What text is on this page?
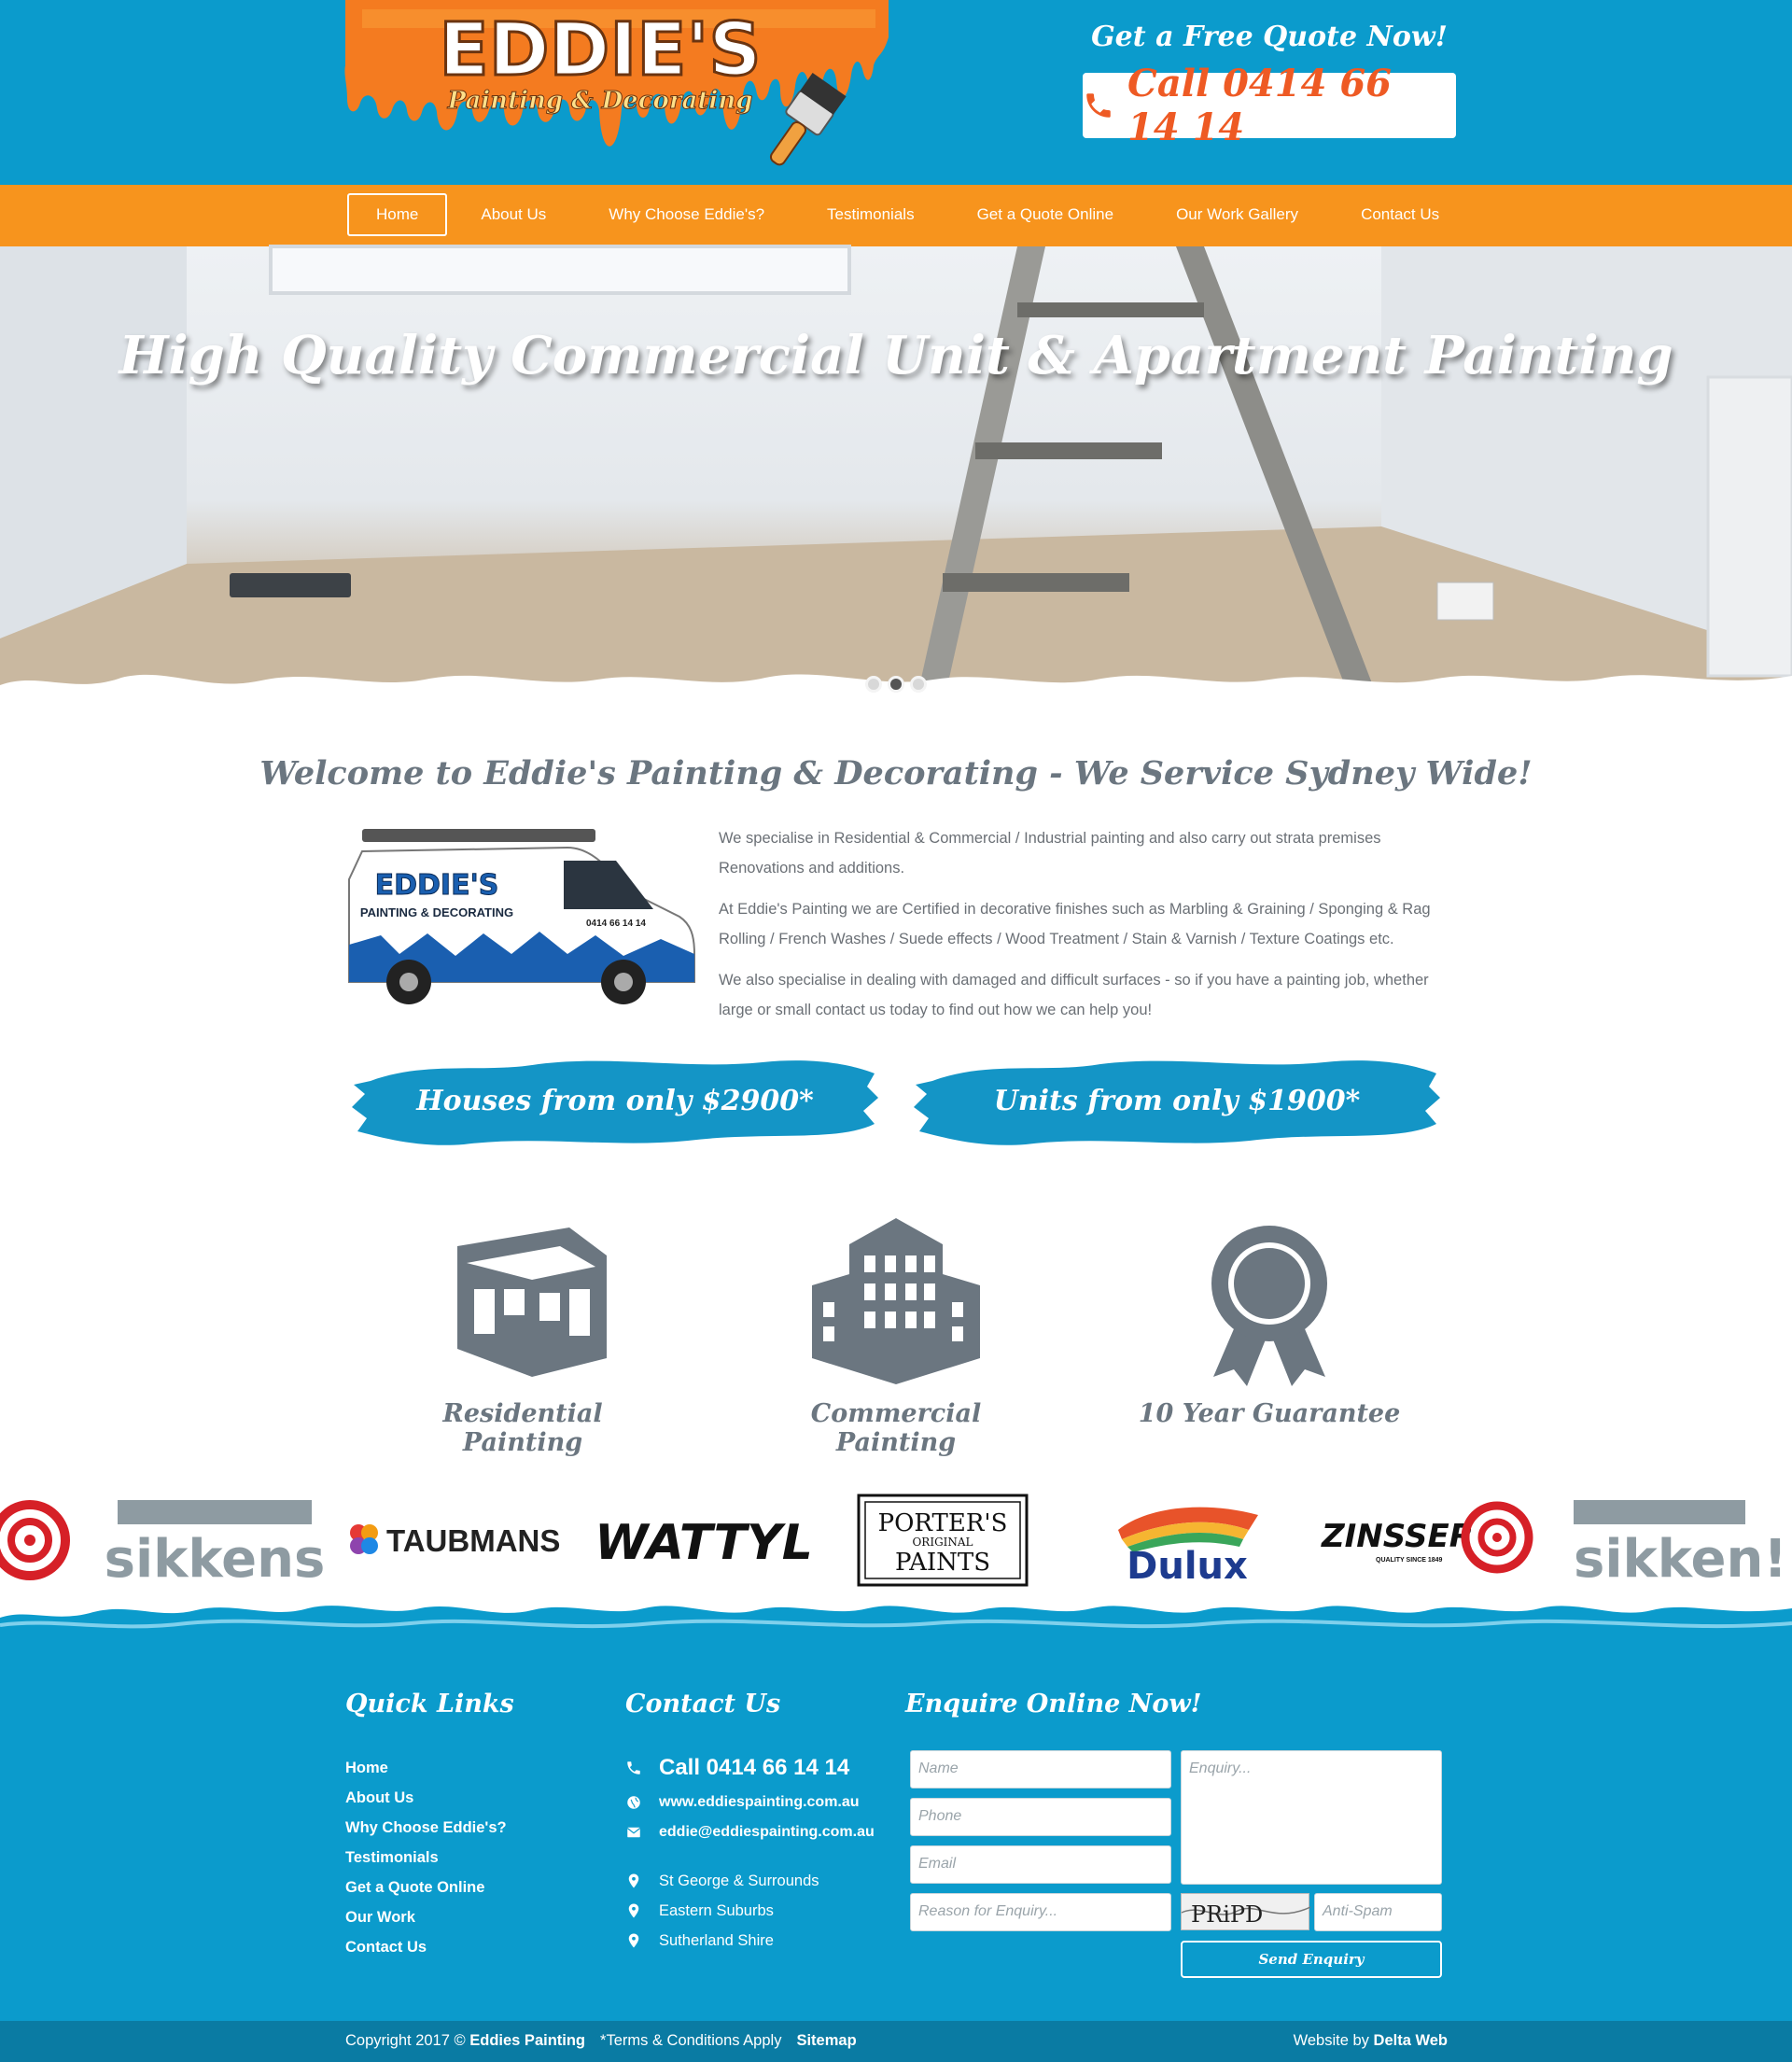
EDDIE'S
Painting & Decorating
Get a Free Quote Now!
Call 0414 66 14 14
Home	About Us	Why Choose Eddie's?	Testimonials	Get a Quote Online	Our Work Gallery	Contact Us
High Quality Commercial Unit & Apartment Painting
Welcome to Eddie's Painting & Decorating - We Service Sydney Wide!
EDDIE'S
PAINTING & DECORATING
0414 66 14 14

We specialise in Residential & Commercial / Industrial painting and also carry out strata premises Renovations and additions.

At Eddie's Painting we are Certified in decorative finishes such as Marbling & Graining / Sponging & Rag Rolling / French Washes / Suede effects / Wood Treatment / Stain & Varnish / Texture Coatings etc.

We also specialise in dealing with damaged and difficult surfaces - so if you have a painting job, whether large or small contact us today to find out how we can help you!

Houses from only $2900*	Units from only $1900*
Residential Painting
Commercial Painting
10 Year Guarantee
sikkens TAUBMANS WATTYL	PORTER'S
ORIGINAL
PAINTS	Dulux
ZINSSER
QUALITY SINCE 1849	sikken!
Quick Links
Home
About Us
Why Choose Eddie's?
Testimonials
Get a Quote Online
Our Work
Contact Us
Contact Us
Call 0414 66 14 14
www.eddiespainting.com.au
eddie@eddiespainting.com.au
St George & Surrounds
Eastern Suburbs
Sutherland Shire
Enquire Online Now!
Name
Phone
Email
Reason for Enquiry...
Enquiry...
PRiPD	Anti-Spam
Send Enquiry
Copyright 2017 © Eddies Painting *Terms & Conditions Apply Sitemap	Website by Delta Web
